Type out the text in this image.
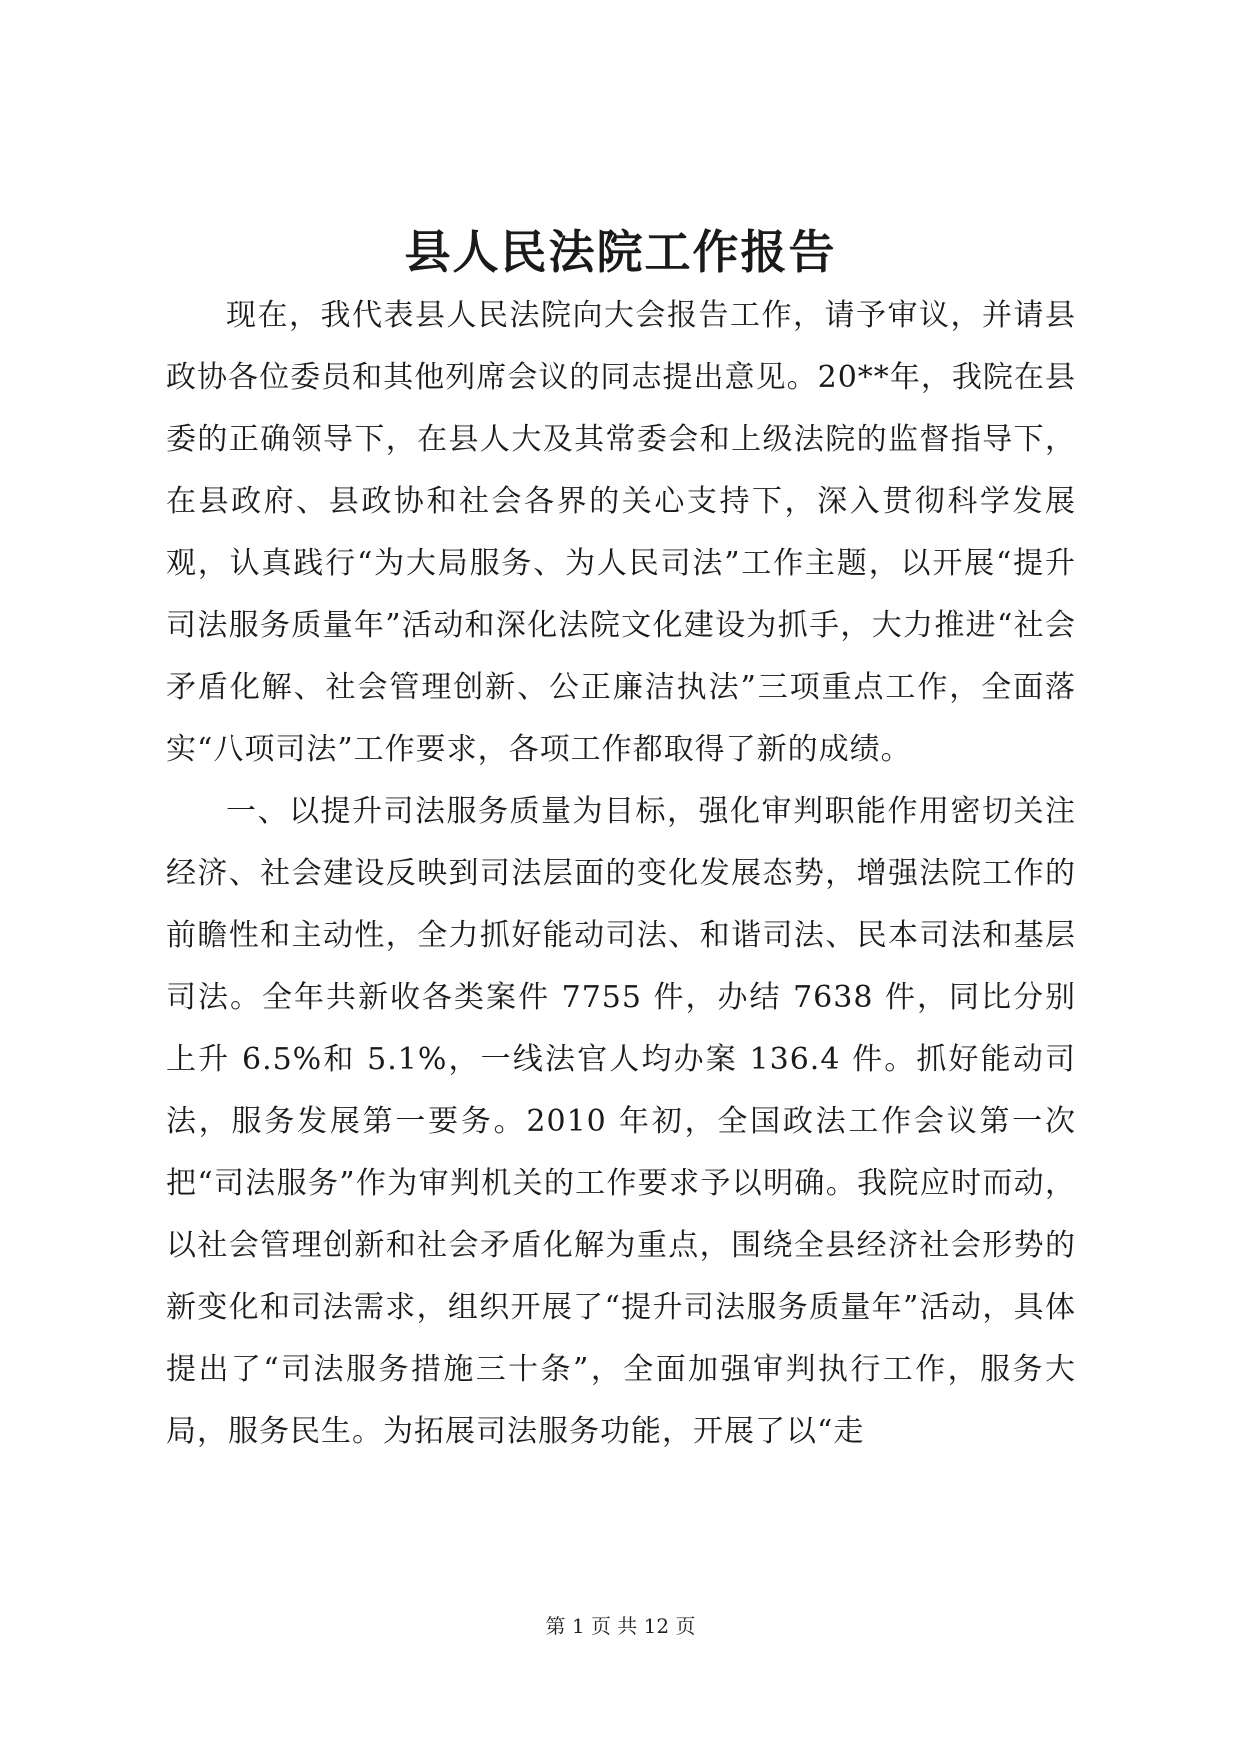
县人民法院工作报告

现在，我代表县人民法院向大会报告工作，请予审议，并请县政协各位委员和其他列席会议的同志提出意见。20**年，我院在县委的正确领导下，在县人大及其常委会和上级法院的监督指导下，在县政府、县政协和社会各界的关心支持下，深入贯彻科学发展观，认真践行“为大局服务、为人民司法”工作主题，以开展“提升司法服务质量年”活动和深化法院文化建设为抓手，大力推进“社会矛盾化解、社会管理创新、公正廉洁执法”三项重点工作，全面落实“八项司法”工作要求，各项工作都取得了新的成绩。

一、以提升司法服务质量为目标，强化审判职能作用密切关注经济、社会建设反映到司法层面的变化发展态势，增强法院工作的前瞻性和主动性，全力抓好能动司法、和谐司法、民本司法和基层司法。全年共新收各类案件 7755 件，办结 7638 件，同比分别上升 6.5%和 5.1%，一线法官人均办案 136.4 件。抓好能动司法，服务发展第一要务。2010 年初，全国政法工作会议第一次把“司法服务”作为审判机关的工作要求予以明确。我院应时而动，以社会管理创新和社会矛盾化解为重点，围绕全县经济社会形势的新变化和司法需求，组织开展了“提升司法服务质量年”活动，具体提出了“司法服务措施三十条”，全面加强审判执行工作，服务大局，服务民生。为拓展司法服务功能，开展了以“走

第 1 页 共 12 页
